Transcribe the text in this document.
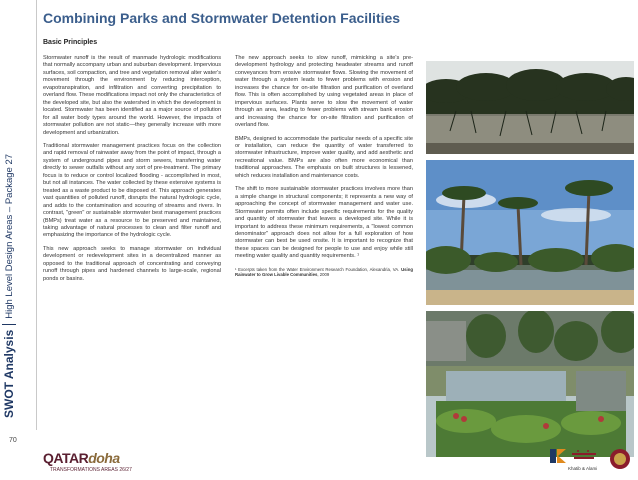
SWOT Analysis
High Level Design Areas – Package 27
70
Combining Parks and Stormwater Detention Facilities
Basic Principles

Stormwater runoff is the result of manmade hydrologic modifications that normally accompany urban and suburban development. Impervious surfaces, soil compaction, and tree and vegetation removal alter water's movement through the environment by reducing interception, evapotranspiration, and infiltration and converting precipitation to overland flow. These modifications impact not only the characteristics of the developed site, but also the watershed in which the development is located. Stormwater has been identified as a major source of pollution for all water body types around the world. However, the impacts of stormwater pollution are not static—they generally increase with more development and urbanization.

Traditional stormwater management practices focus on the collection and rapid removal of rainwater away from the point of impact, through a system of underground pipes and storm sewers, transferring water directly to sewer outfalls without any sort of pre-treatment. The primary focus is to reduce or control localized flooding - accomplished in most, but not all instances. The water collected by these extensive systems is treated as a waste product to be disposed of. This approach generates vast quantities of polluted runoff, disrupts the natural hydrologic cycle, and adds to the contamination and scouring of streams and rivers. In contrast, "green" or sustainable stormwater best management practices (BMPs) treat water as a resource to be preserved and maintained, taking advantage of natural processes to clean and filter runoff and emphasizing the importance of the hydrologic cycle.

This new approach seeks to manage stormwater on individual development or redevelopment sites in a decentralized manner as opposed to the traditional approach of concentrating and conveying runoff through pipes and hardened channels to large-scale, regional ponds or basins.

The new approach seeks to slow runoff, mimicking a site's pre-development hydrology and protecting headwater streams and runoff conveyances from erosive stormwater flows. Slowing the movement of water through a system leads to fewer problems with erosion and increases the chance for on-site filtration and purification of overland flow. This is often accomplished by using vegetated areas in place of impervious surfaces. Plants serve to slow the movement of water through an area, leading to fewer problems with stream bank erosion and increasing the chance for on-site filtration and purification of overland flow.

BMPs, designed to accommodate the particular needs of a specific site or installation, can reduce the quantity of water transferred to stormwater infrastructure, improve water quality, and add aesthetic and recreational value. BMPs are also often more economical than traditional approaches. The emphasis on built structures is lessened, which reduces installation and maintenance costs.

The shift to more sustainable stormwater practices involves more than a simple change in structural components; it represents a new way of approaching the concept of stormwater management and water use. Stormwater permits often include specific requirements for the quality and quantity of stormwater that leaves a developed site. While it is important to address these minimum requirements, a "lowest common denominator" approach does not allow for a full exploration of how stormwater can best be used onsite. It is important to recognize that these spaces can be designed for people to use and enjoy while still meeting water quality and quantity requirements. ¹

¹ Excerpts taken from the Water Environment Research Foundation, Alexandria, VA. Using Rainwater to Grow Livable Communities, 2009
QATAR doha
TRANSFORMATIONS AREAS 26/27	Khatib & Alami
